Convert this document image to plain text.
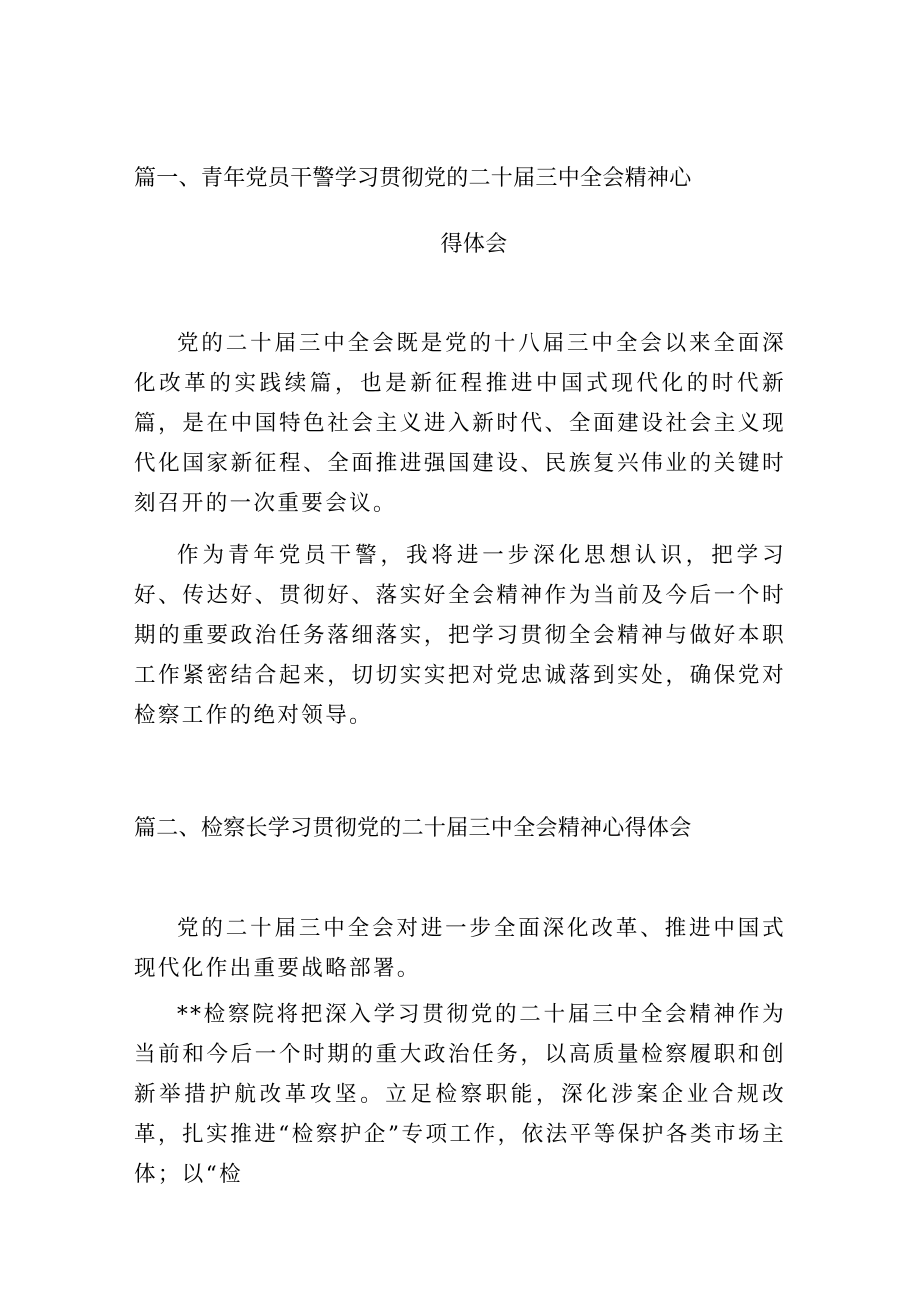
篇一、青年党员干警学习贯彻党的二十届三中全会精神心
得体会

党的二十届三中全会既是党的十八届三中全会以来全面深化改革的实践续篇，也是新征程推进中国式现代化的时代新篇，是在中国特色社会主义进入新时代、全面建设社会主义现代化国家新征程、全面推进强国建设、民族复兴伟业的关键时刻召开的一次重要会议。

作为青年党员干警，我将进一步深化思想认识，把学习好、传达好、贯彻好、落实好全会精神作为当前及今后一个时期的重要政治任务落细落实，把学习贯彻全会精神与做好本职工作紧密结合起来，切切实实把对党忠诚落到实处，确保党对检察工作的绝对领导。

篇二、检察长学习贯彻党的二十届三中全会精神心得体会

党的二十届三中全会对进一步全面深化改革、推进中国式现代化作出重要战略部署。

**检察院将把深入学习贯彻党的二十届三中全会精神作为当前和今后一个时期的重大政治任务，以高质量检察履职和创新举措护航改革攻坚。立足检察职能，深化涉案企业合规改革，扎实推进“检察护企”专项工作，依法平等保护各类市场主体；以“检
